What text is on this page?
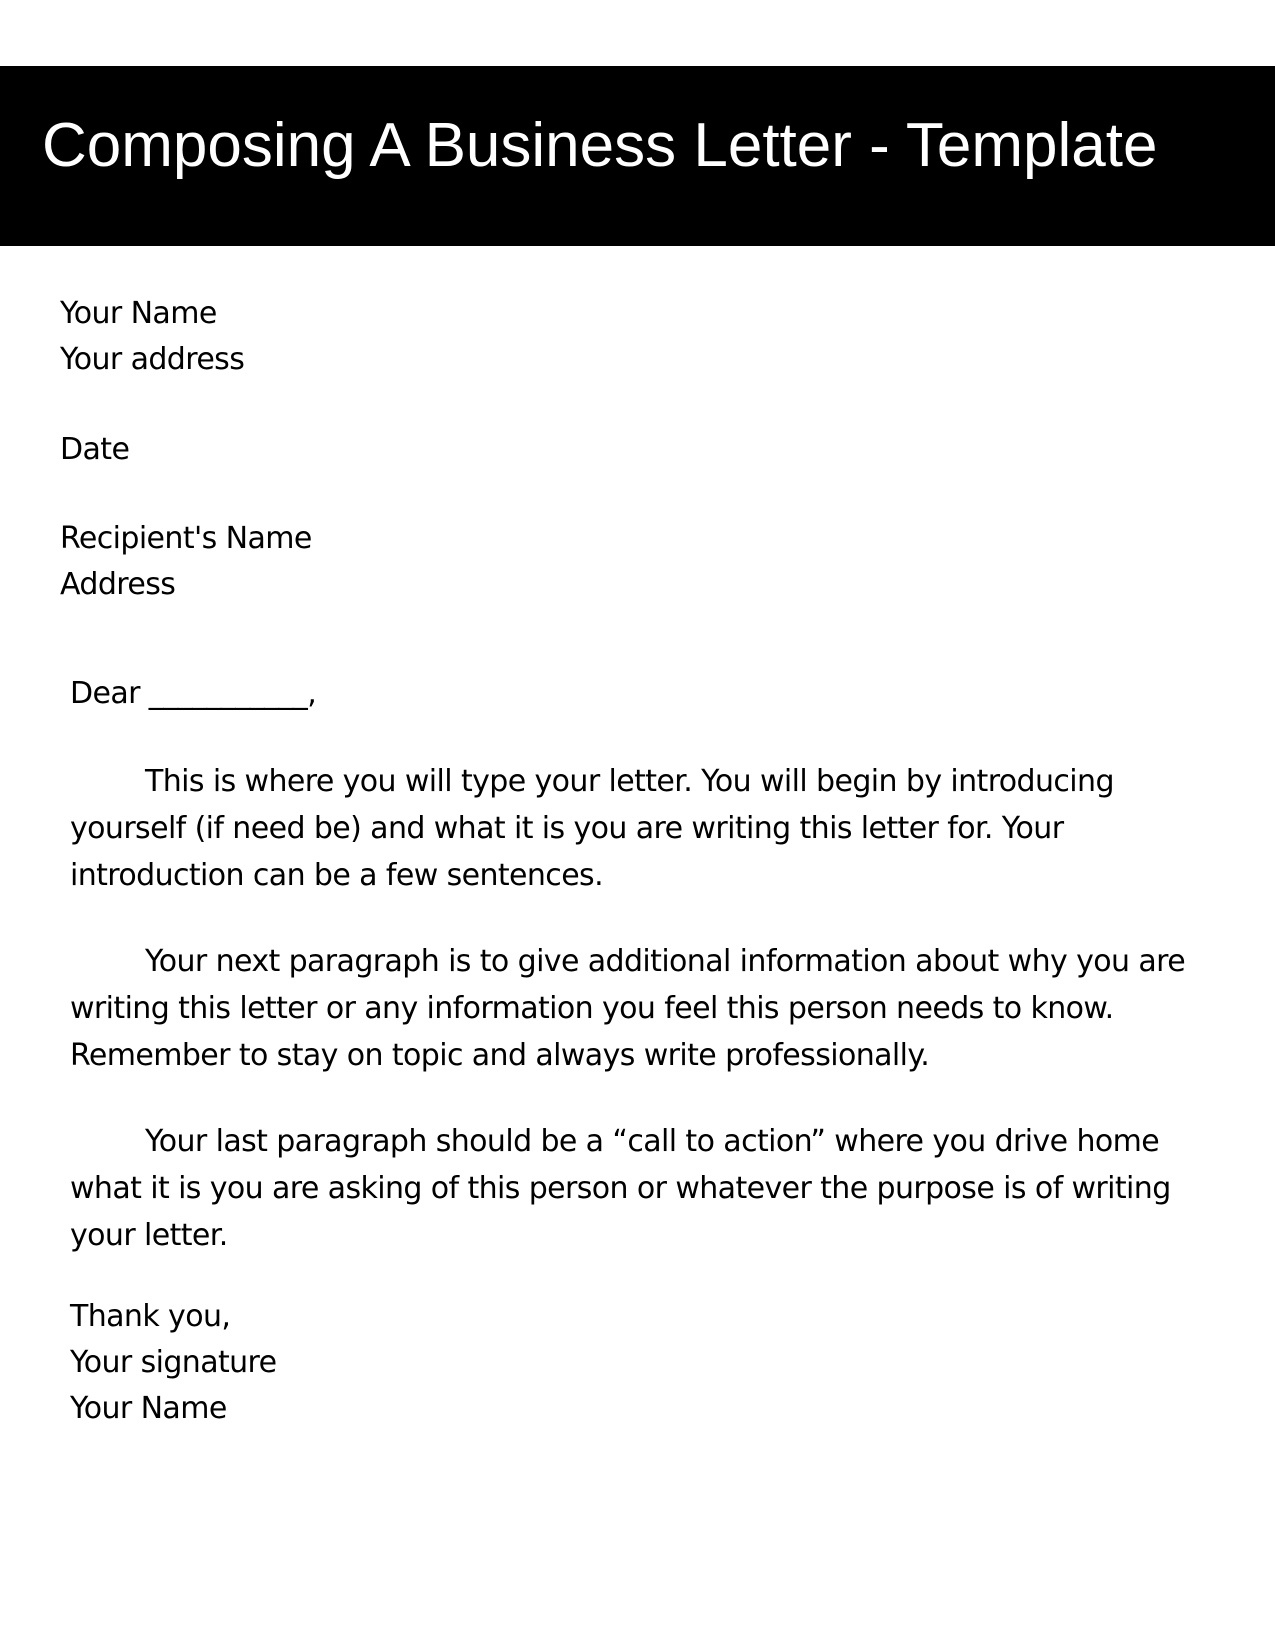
Composing A Business Letter - Template
Your Name
Your address
Date
Recipient's Name
Address
Dear ___________,

This is where you will type your letter. You will begin by introducing yourself (if need be) and what it is you are writing this letter for. Your introduction can be a few sentences.

Your next paragraph is to give additional information about why you are writing this letter or any information you feel this person needs to know. Remember to stay on topic and always write professionally.

Your last paragraph should be a “call to action” where you drive home what it is you are asking of this person or whatever the purpose is of writing your letter.

Thank you,
Your signature
Your Name
